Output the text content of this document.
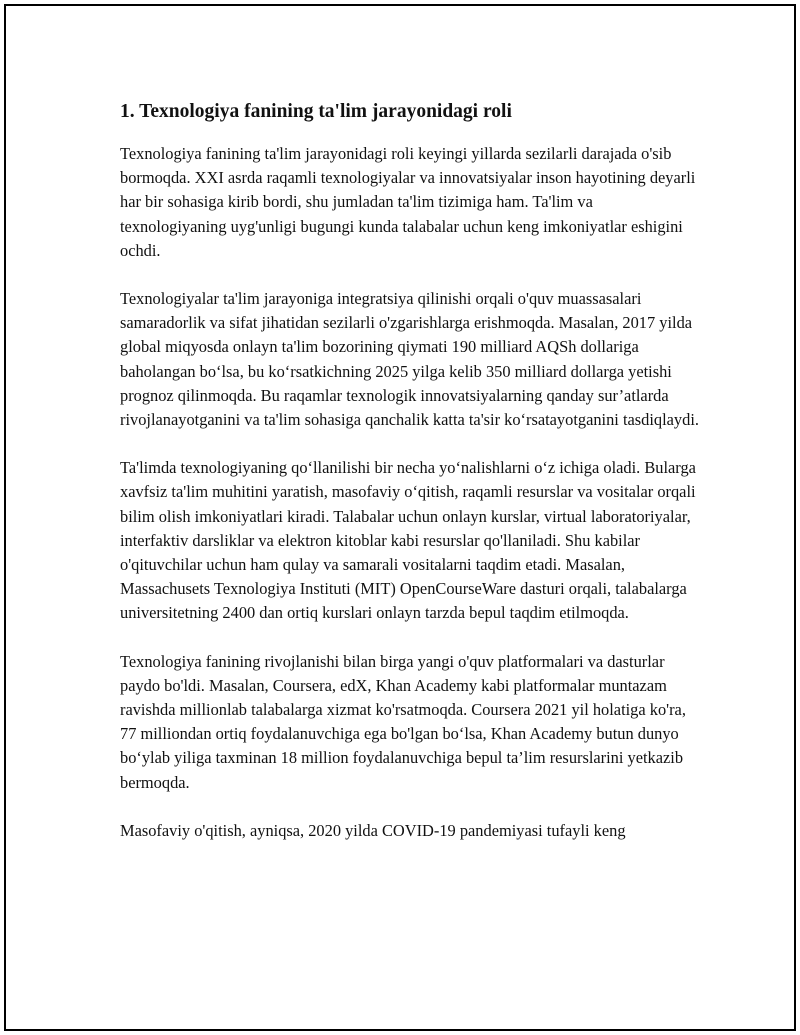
1. Texnologiya fanining ta'lim jarayonidagi roli

Texnologiya fanining ta'lim jarayonidagi roli keyingi yillarda sezilarli darajada o'sib bormoqda. XXI asrda raqamli texnologiyalar va innovatsiyalar inson hayotining deyarli har bir sohasiga kirib bordi, shu jumladan ta'lim tizimiga ham. Ta'lim va texnologiyaning uyg'unligi bugungi kunda talabalar uchun keng imkoniyatlar eshigini ochdi.

Texnologiyalar ta'lim jarayoniga integratsiya qilinishi orqali o'quv muassasalari samaradorlik va sifat jihatidan sezilarli o'zgarishlarga erishmoqda. Masalan, 2017 yilda global miqyosda onlayn ta'lim bozorining qiymati 190 milliard AQSh dollariga baholangan bo‘lsa, bu ko‘rsatkichning 2025 yilga kelib 350 milliard dollarga yetishi prognoz qilinmoqda. Bu raqamlar texnologik innovatsiyalarning qanday sur’atlarda rivojlanayotganini va ta'lim sohasiga qanchalik katta ta'sir ko‘rsatayotganini tasdiqlaydi.

Ta'limda texnologiyaning qo‘llanilishi bir necha yo‘nalishlarni o‘z ichiga oladi. Bularga xavfsiz ta'lim muhitini yaratish, masofaviy o‘qitish, raqamli resurslar va vositalar orqali bilim olish imkoniyatlari kiradi. Talabalar uchun onlayn kurslar, virtual laboratoriyalar, interfaktiv darsliklar va elektron kitoblar kabi resurslar qo'llaniladi. Shu kabilar o'qituvchilar uchun ham qulay va samarali vositalarni taqdim etadi. Masalan, Massachusets Texnologiya Instituti (MIT) OpenCourseWare dasturi orqali, talabalarga universitetning 2400 dan ortiq kurslari onlayn tarzda bepul taqdim etilmoqda.

Texnologiya fanining rivojlanishi bilan birga yangi o'quv platformalari va dasturlar paydo bo'ldi. Masalan, Coursera, edX, Khan Academy kabi platformalar muntazam ravishda millionlab talabalarga xizmat ko'rsatmoqda. Coursera 2021 yil holatiga ko'ra, 77 milliondan ortiq foydalanuvchiga ega bo'lgan bo‘lsa, Khan Academy butun dunyo bo‘ylab yiliga taxminan 18 million foydalanuvchiga bepul ta’lim resurslarini yetkazib bermoqda.

Masofaviy o'qitish, ayniqsa, 2020 yilda COVID-19 pandemiyasi tufayli keng
